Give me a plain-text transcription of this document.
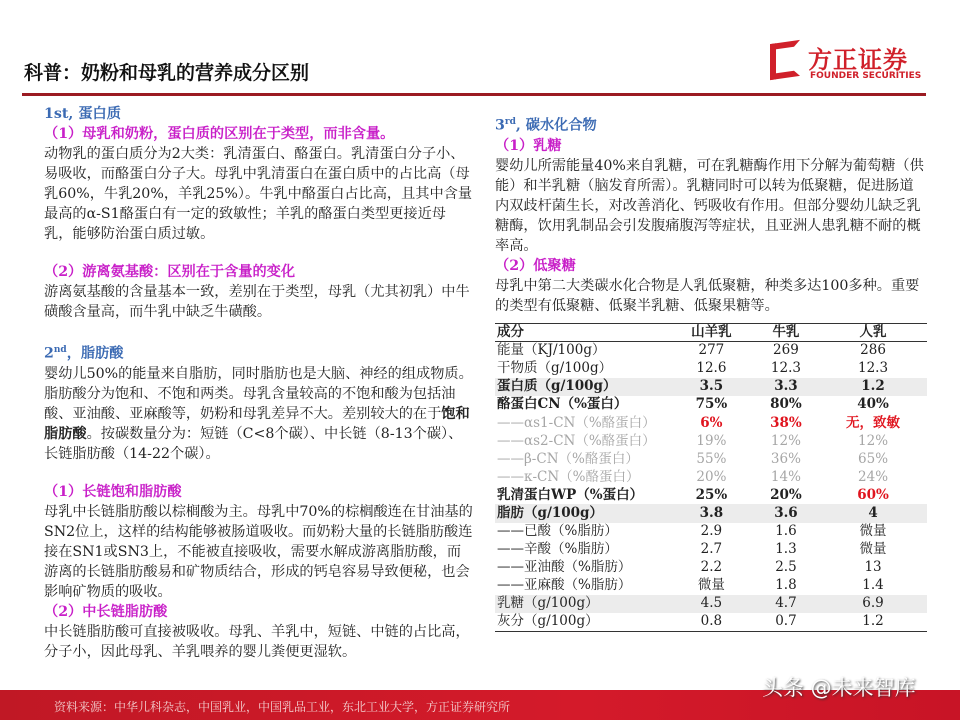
科普：奶粉和母乳的营养成分区别	方正证券
FOUNDER SECURITIES
1st, 蛋白质
（1）母乳和奶粉，蛋白质的区别在于类型，而非含量。
动物乳的蛋白质分为2大类：乳清蛋白、酪蛋白。乳清蛋白分子小、易吸收，而酪蛋白分子大。母乳中乳清蛋白在蛋白质中的占比高（母乳60%，牛乳20%，羊乳25%）。牛乳中酪蛋白占比高，且其中含量最高的α-S1酪蛋白有一定的致敏性；羊乳的酪蛋白类型更接近母乳，能够防治蛋白质过敏。
（2）游离氨基酸：区别在于含量的变化
游离氨基酸的含量基本一致，差别在于类型，母乳（尤其初乳）中牛磺酸含量高，而牛乳中缺乏牛磺酸。
2nd，脂肪酸
婴幼儿50%的能量来自脂肪，同时脂肪也是大脑、神经的组成物质。脂肪酸分为饱和、不饱和两类。母乳含量较高的不饱和酸为包括油酸、亚油酸、亚麻酸等，奶粉和母乳差异不大。差别较大的在于饱和脂肪酸。按碳数量分为：短链（C<8个碳）、中长链（8-13个碳）、长链脂肪酸（14-22个碳）。
（1）长链饱和脂肪酸
母乳中长链脂肪酸以棕榈酸为主。母乳中70%的棕榈酸连在甘油基的SN2位上，这样的结构能够被肠道吸收。而奶粉大量的长链脂肪酸连接在SN1或SN3上，不能被直接吸收，需要水解成游离脂肪酸，而游离的长链脂肪酸易和矿物质结合，形成的钙皂容易导致便秘，也会影响矿物质的吸收。
（2）中长链脂肪酸
中长链脂肪酸可直接被吸收。母乳、羊乳中，短链、中链的占比高，分子小，因此母乳、羊乳喂养的婴儿粪便更湿软。
3rd, 碳水化合物
（1）乳糖
婴幼儿所需能量40%来自乳糖，可在乳糖酶作用下分解为葡萄糖（供能）和半乳糖（脑发育所需）。乳糖同时可以转为低聚糖，促进肠道内双歧杆菌生长，对改善消化、钙吸收有作用。但部分婴幼儿缺乏乳糖酶，饮用乳制品会引发腹痛腹泻等症状，且亚洲人患乳糖不耐的概率高。
（2）低聚糖
母乳中第二大类碳水化合物是人乳低聚糖，种类多达100多种。重要的类型有低聚糖、低聚半乳糖、低聚果糖等。
成分	山羊乳	牛乳	人乳
能量（KJ/100g）	277	269	286
干物质（g/100g）	12.6	12.3	12.3
蛋白质（g/100g）	3.5	3.3	1.2
酪蛋白CN（%蛋白）	75%	80%	40%
——αs1-CN（%酪蛋白）	6%	38%	无，致敏
——αs2-CN（%酪蛋白）	19%	12%	12%
——β-CN（%酪蛋白）	55%	36%	65%
——κ-CN（%酪蛋白）	20%	14%	24%
乳清蛋白WP（%蛋白）	25%	20%	60%
脂肪（g/100g）	3.8	3.6	4
——已酸（%脂肪）	2.9	1.6	微量
——辛酸（%脂肪）	2.7	1.3	微量
——亚油酸（%脂肪）	2.2	2.5	13
——亚麻酸（%脂肪）	微量	1.8	1.4
乳糖（g/100g）	4.5	4.7	6.9
灰分（g/100g）	0.8	0.7	1.2
资料来源：中华儿科杂志，中国乳业，中国乳品工业，东北工业大学，方正证券研究所
头条 @未来智库
